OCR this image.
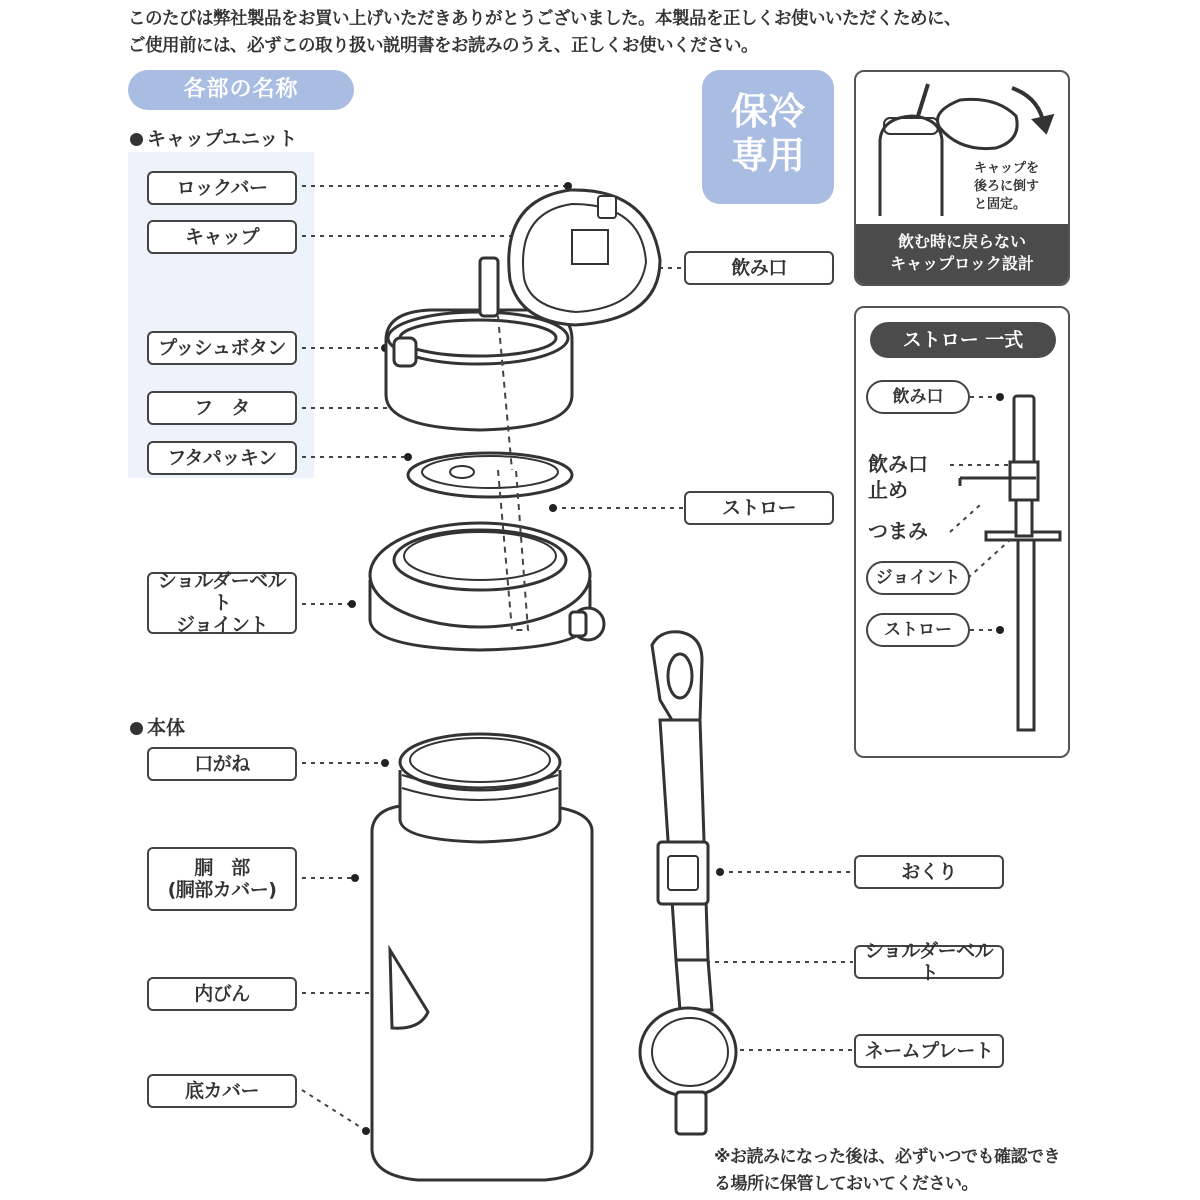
このたびは弊社製品をお買い上げいただきありがとうございました。本製品を正しくお使いいただくために、
ご使用前には、必ずこの取り扱い説明書をお読みのうえ、正しくお使いください。
各部の名称
キャップユニット
本体
ロックバー
キャップ
プッシュボタン
フ　タ
フタパッキン
ショルダーベルト
ジョイント
口がね
胴　部
(胴部カバー)
内びん
底カバー
飲み口
ストロー
おくり
ショルダーベルト
ネームプレート
保冷
専用	キャップを
後ろに倒す
と固定。
飲む時に戻らない
キャップロック設計
ストロー 一式
飲み口
飲み口
止め
つまみ
ジョイント
ストロー
※お読みになった後は、必ずいつでも確認できる場所に保管しておいてください。
